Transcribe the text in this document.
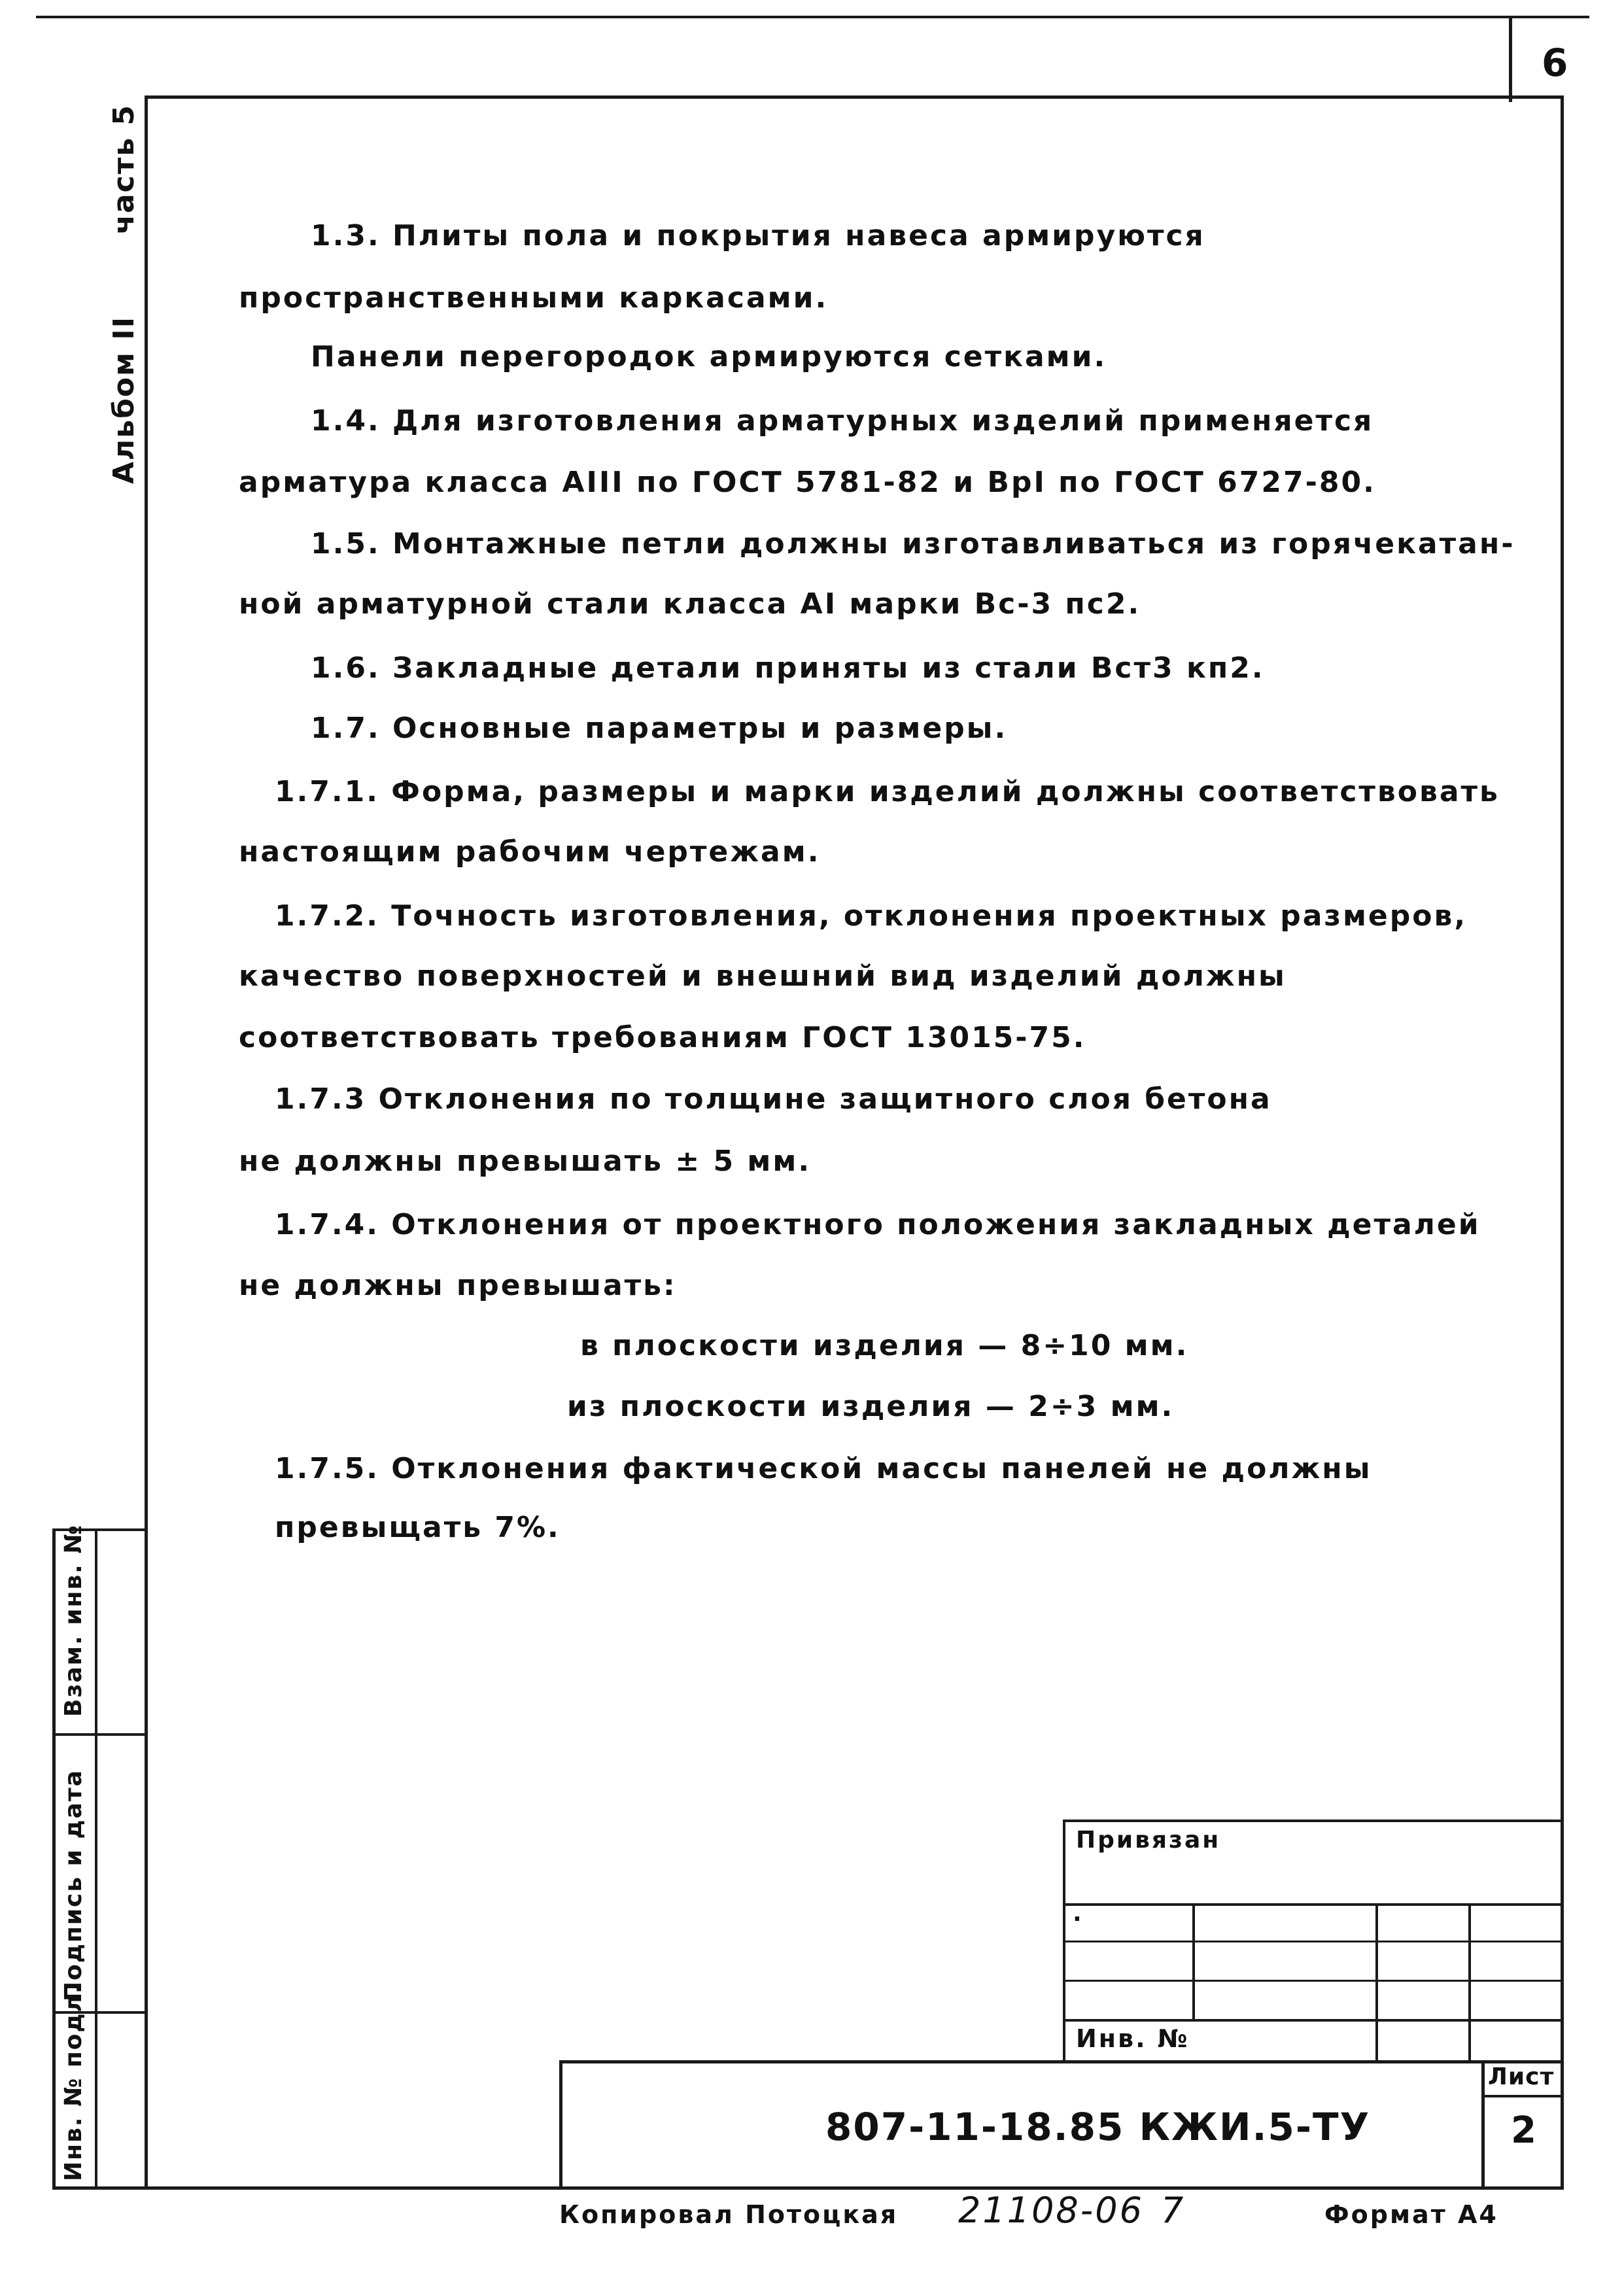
6
Альбом II  часть 5
Взам. инв. №
Подпись и дата
Инв. № подл.
1.3. Плиты пола и покрытия навеса армируются
пространственными каркасами.
Панели перегородок армируются сетками.
1.4. Для изготовления арматурных изделий применяется
арматура класса АIII по ГОСТ 5781-82 и ВрI по ГОСТ 6727-80.
1.5. Монтажные петли должны изготавливаться из горячекатан-
ной арматурной стали класса АI марки Вс-3 пс2.
1.6. Закладные детали приняты из стали Вст3 кп2.
1.7. Основные параметры и размеры.
1.7.1. Форма, размеры и марки изделий должны соответствовать
настоящим рабочим чертежам.
1.7.2. Точность изготовления, отклонения проектных размеров,
качество поверхностей и внешний вид изделий должны
соответствовать требованиям ГОСТ 13015-75.
1.7.3 Отклонения по толщине защитного слоя бетона
не должны превышать ± 5 мм.
1.7.4. Отклонения от проектного положения закладных деталей
не должны превышать:
в плоскости изделия — 8÷10 мм.
из плоскости изделия — 2÷3 мм.
1.7.5. Отклонения фактической массы панелей не должны
превыщать 7%.
Привязан
.
Инв. №
Лист
2
807-11-18.85 КЖИ.5-ТУ
Копировал Потоцкая 21108-06 7	Формат А4
